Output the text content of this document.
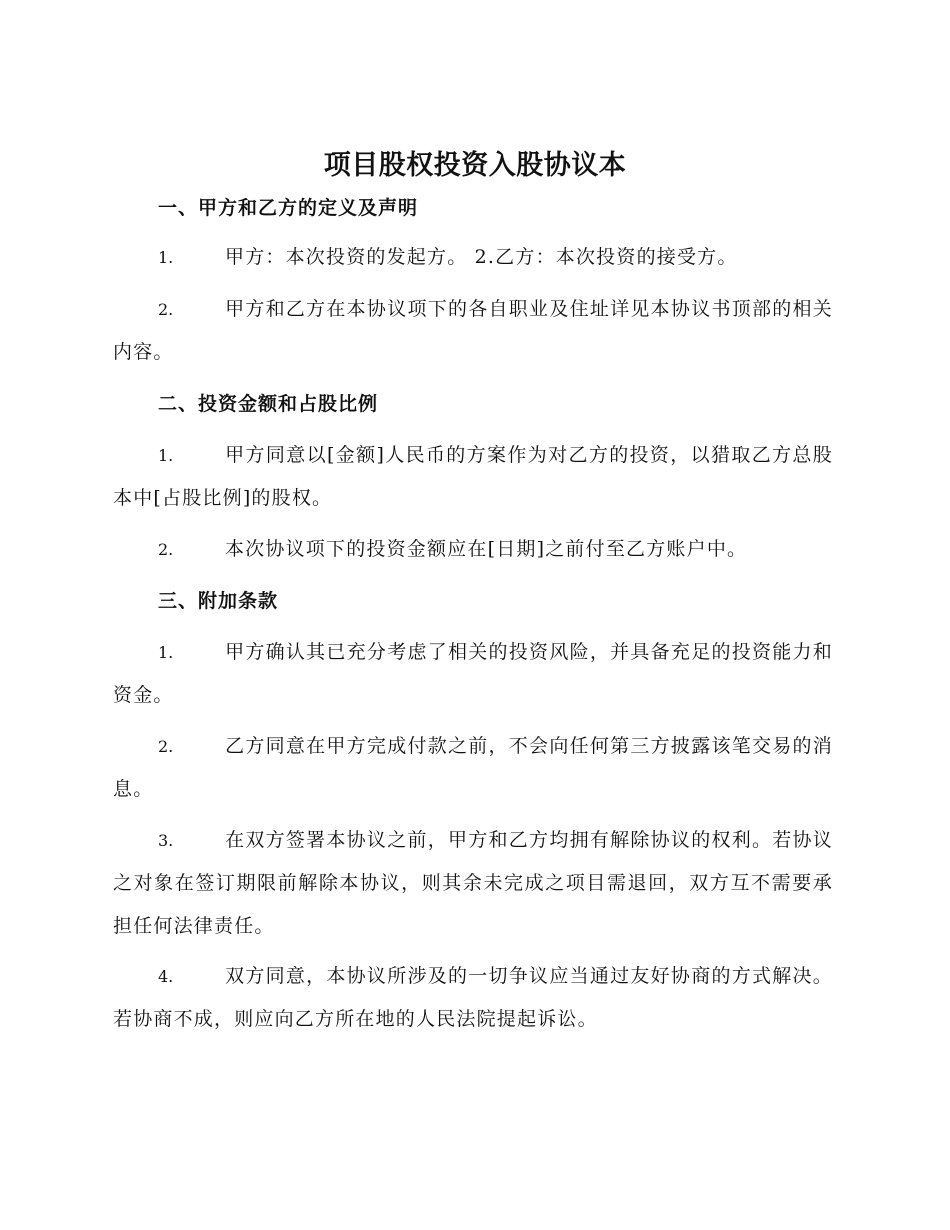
项目股权投资入股协议本
一、甲方和乙方的定义及声明
1.	甲方：本次投资的发起方。 2.乙方：本次投资的接受方。
2.	甲方和乙方在本协议项下的各自职业及住址详见本协议书顶部的相关内容。
二、投资金额和占股比例
1.	甲方同意以[金额]人民币的方案作为对乙方的投资，以猎取乙方总股本中[占股比例]的股权。
2.	本次协议项下的投资金额应在[日期]之前付至乙方账户中。
三、附加条款
1.	甲方确认其已充分考虑了相关的投资风险，并具备充足的投资能力和资金。
2.	乙方同意在甲方完成付款之前，不会向任何第三方披露该笔交易的消息。
3.	在双方签署本协议之前，甲方和乙方均拥有解除协议的权利。若协议之对象在签订期限前解除本协议，则其余未完成之项目需退回，双方互不需要承担任何法律责任。
4.	双方同意，本协议所涉及的一切争议应当通过友好协商的方式解决。若协商不成，则应向乙方所在地的人民法院提起诉讼。
